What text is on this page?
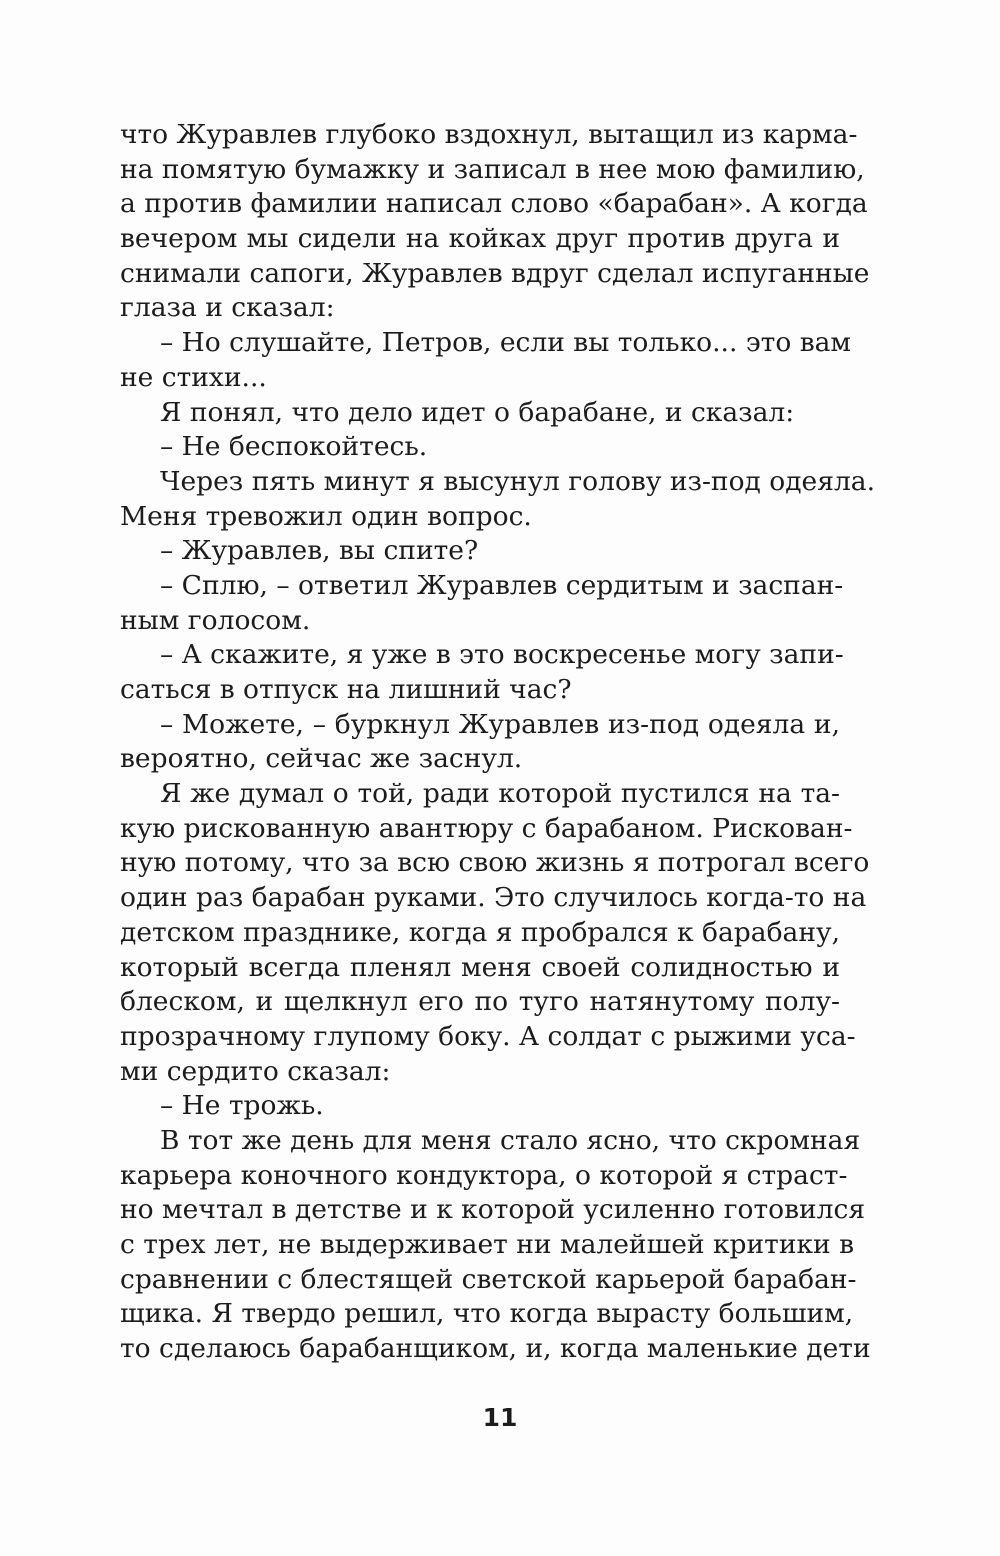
что Журавлев глубоко вздохнул, вытащил из карма-
на помятую бумажку и записал в нее мою фамилию,
а против фамилии написал слово «барабан». А когда
вечером мы сидели на койках друг против друга и
снимали сапоги, Журавлев вдруг сделал испуганные
глаза и сказал:
– Но слушайте, Петров, если вы только... это вам
не стихи...
Я понял, что дело идет о барабане, и сказал:
– Не беспокойтесь.
Через пять минут я высунул голову из-под одеяла.
Меня тревожил один вопрос.
– Журавлев, вы спите?
– Сплю, – ответил Журавлев сердитым и заспан-
ным голосом.
– А скажите, я уже в это воскресенье могу запи-
саться в отпуск на лишний час?
– Можете, – буркнул Журавлев из-под одеяла и,
вероятно, сейчас же заснул.
Я же думал о той, ради которой пустился на та-
кую рискованную авантюру с барабаном. Рискован-
ную потому, что за всю свою жизнь я потрогал всего
один раз барабан руками. Это случилось когда-то на
детском празднике, когда я пробрался к барабану,
который всегда пленял меня своей солидностью и
блеском, и щелкнул его по туго натянутому полу-
прозрачному глупому боку. А солдат с рыжими уса-
ми сердито сказал:
– Не трожь.
В тот же день для меня стало ясно, что скромная
карьера коночного кондуктора, о которой я страст-
но мечтал в детстве и к которой усиленно готовился
с трех лет, не выдерживает ни малейшей критики в
сравнении с блестящей светской карьерой барабан-
щика. Я твердо решил, что когда вырасту большим,
то сделаюсь барабанщиком, и, когда маленькие дети
11
